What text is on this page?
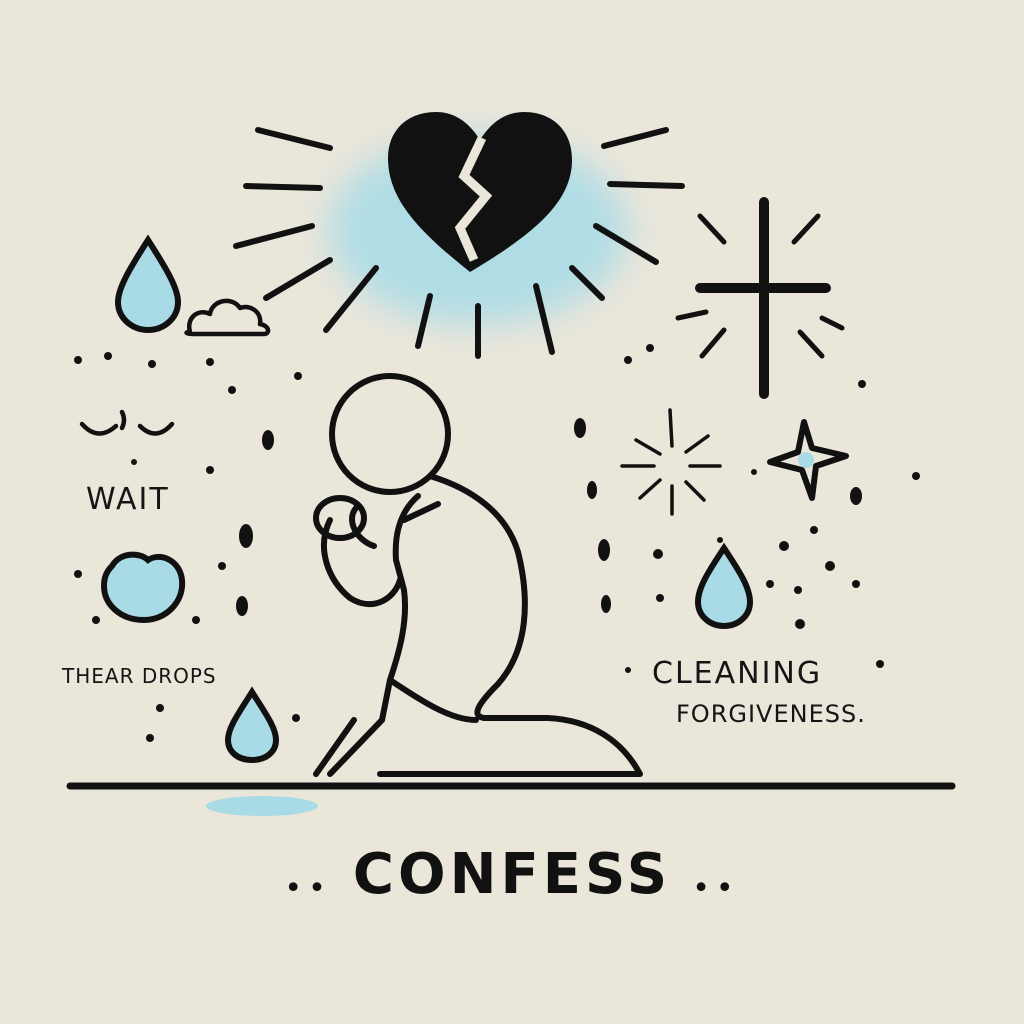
WAIT
THEAR DROPS	CLEANING
FORGIVENESS.
•• CONFESS ••
